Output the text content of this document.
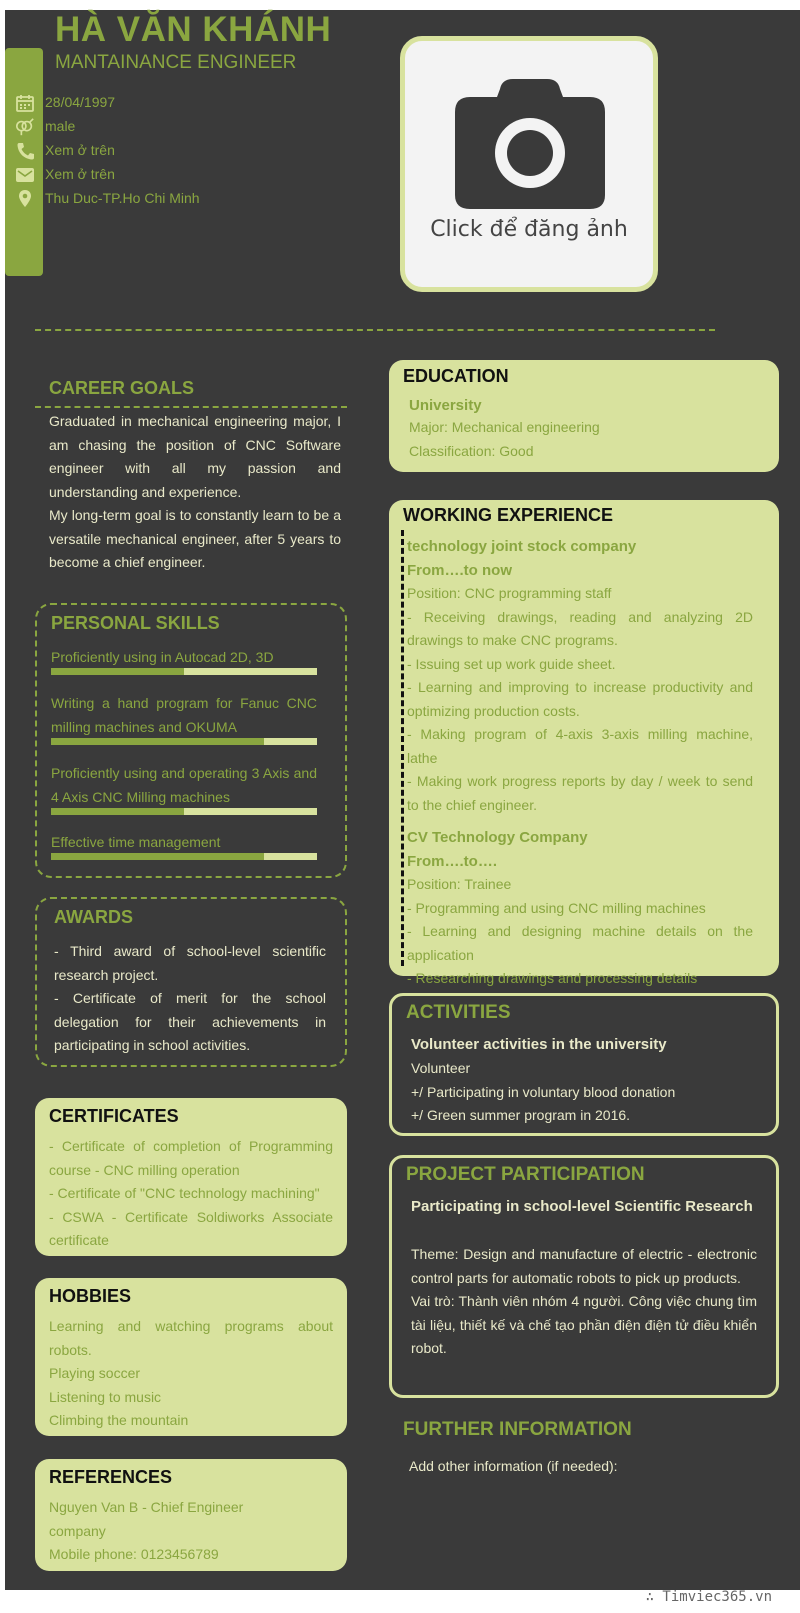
HÀ VĂN KHÁNH
MANTAINANCE ENGINEER
28/04/1997
male
Xem ở trên
Xem ở trên
Thu Duc-TP.Ho Chi Minh
Click để đăng ảnh
CAREER GOALS
Graduated in mechanical engineering major, I am chasing the position of CNC Software engineer with all my passion and understanding and experience.
My long-term goal is to constantly learn to be a versatile mechanical engineer, after 5 years to become a chief engineer.
PERSONAL SKILLS
Proficiently using in Autocad 2D, 3D
Writing a hand program for Fanuc CNC milling machines and OKUMA
Proficiently using and operating 3 Axis and 4 Axis CNC Milling machines
Effective time management
AWARDS
- Third award of school-level scientific research project.
- Certificate of merit for the school delegation for their achievements in participating in school activities.
CERTIFICATES
- Certificate of completion of Programming course - CNC milling operation
- Certificate of "CNC technology machining"
- CSWA - Certificate Soldiworks Associate certificate
HOBBIES
Learning and watching programs about robots.
Playing soccer
Listening to music
Climbing the mountain
REFERENCES
Nguyen Van B - Chief Engineer
company
Mobile phone: 0123456789
EDUCATION
University
Major: Mechanical engineering
Classification: Good
WORKING EXPERIENCE
technology joint stock company
From….to now
Position: CNC programming staff
- Receiving drawings, reading and analyzing 2D drawings to make CNC programs.
- Issuing set up work guide sheet.
- Learning and improving to increase productivity and optimizing production costs.
- Making program of 4-axis 3-axis milling machine, lathe
- Making work progress reports by day / week to send to the chief engineer.
CV Technology Company
From….to….
Position: Trainee
- Programming and using CNC milling machines
- Learning and designing machine details on the application
- Researching drawings and processing details
ACTIVITIES
Volunteer activities in the university
Volunteer
+/ Participating in voluntary blood donation
+/ Green summer program in 2016.
PROJECT PARTICIPATION
Participating in school-level Scientific Research
Theme: Design and manufacture of electric - electronic control parts for automatic robots to pick up products.
Vai trò: Thành viên nhóm 4 người. Công việc chung tìm tài liệu, thiết kế và chế tạo phần điện điện tử điều khiển robot.
FURTHER INFORMATION
Add other information (if needed):
∴ Timviec365.vn
